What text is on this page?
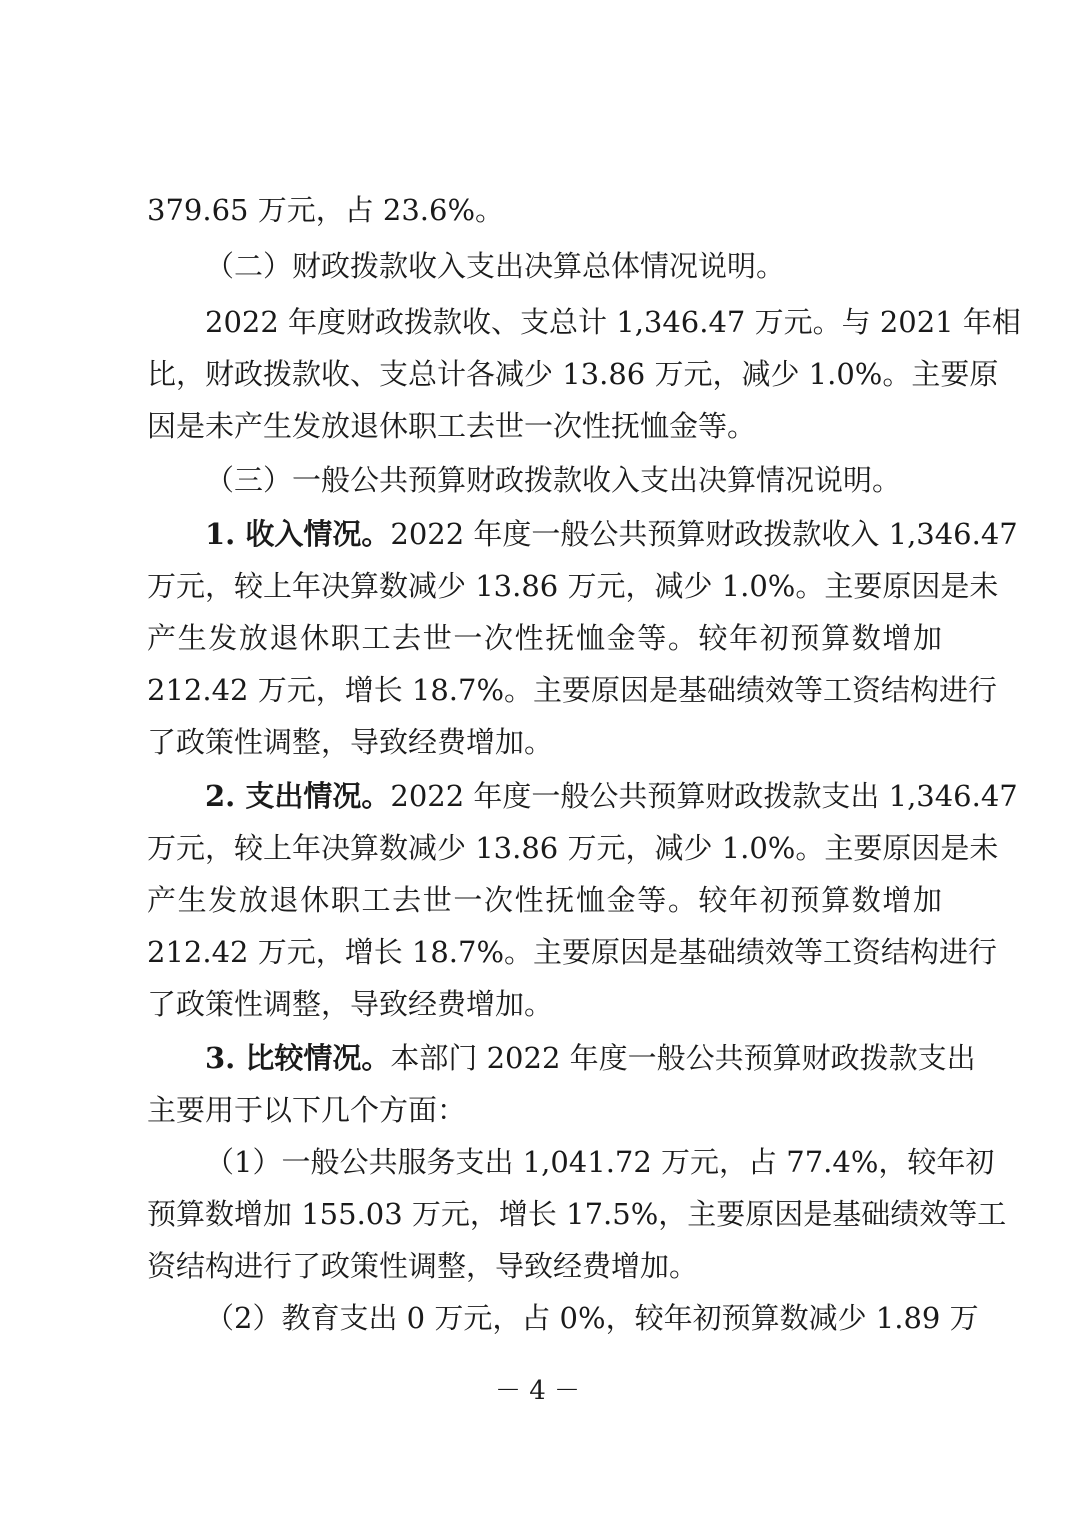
379.65 万元，占 23.6%。
（二）财政拨款收入支出决算总体情况说明。
2022 年度财政拨款收、支总计 1,346.47 万元。与 2021 年相
比，财政拨款收、支总计各减少 13.86 万元，减少 1.0%。主要原
因是未产生发放退休职工去世一次性抚恤金等。
（三）一般公共预算财政拨款收入支出决算情况说明。
1. 收入情况。2022 年度一般公共预算财政拨款收入 1,346.47
万元，较上年决算数减少 13.86 万元，减少 1.0%。主要原因是未
产生发放退休职工去世一次性抚恤金等。较年初预算数增加
212.42 万元，增长 18.7%。主要原因是基础绩效等工资结构进行
了政策性调整，导致经费增加。
2. 支出情况。2022 年度一般公共预算财政拨款支出 1,346.47
万元，较上年决算数减少 13.86 万元，减少 1.0%。主要原因是未
产生发放退休职工去世一次性抚恤金等。较年初预算数增加
212.42 万元，增长 18.7%。主要原因是基础绩效等工资结构进行
了政策性调整，导致经费增加。
3. 比较情况。本部门 2022 年度一般公共预算财政拨款支出
主要用于以下几个方面：
（1）一般公共服务支出 1,041.72 万元，占 77.4%，较年初
预算数增加 155.03 万元，增长 17.5%，主要原因是基础绩效等工
资结构进行了政策性调整，导致经费增加。
（2）教育支出 0 万元，占 0%，较年初预算数减少 1.89 万
－ 4 －
